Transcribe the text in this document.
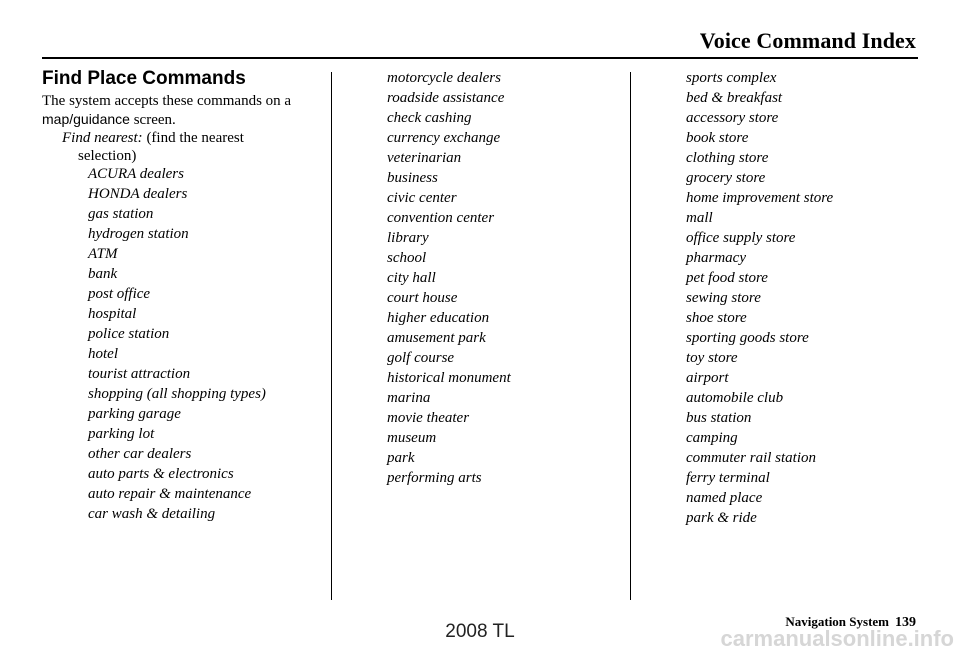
Voice Command Index
Find Place Commands
The system accepts these commands on a map/guidance screen.
Find nearest: (find the nearest
selection)
ACURA dealers
HONDA dealers
gas station
hydrogen station
ATM
bank
post office
hospital
police station
hotel
tourist attraction
shopping (all shopping types)
parking garage
parking lot
other car dealers
auto parts & electronics
auto repair & maintenance
car wash & detailing
motorcycle dealers
roadside assistance
check cashing
currency exchange
veterinarian
business
civic center
convention center
library
school
city hall
court house
higher education
amusement park
golf course
historical monument
marina
movie theater
museum
park
performing arts
sports complex
bed & breakfast
accessory store
book store
clothing store
grocery store
home improvement store
mall
office supply store
pharmacy
pet food store
sewing store
shoe store
sporting goods store
toy store
airport
automobile club
bus station
camping
commuter rail station
ferry terminal
named place
park & ride
Navigation System 139
2008 TL	carmanualsonline.info
